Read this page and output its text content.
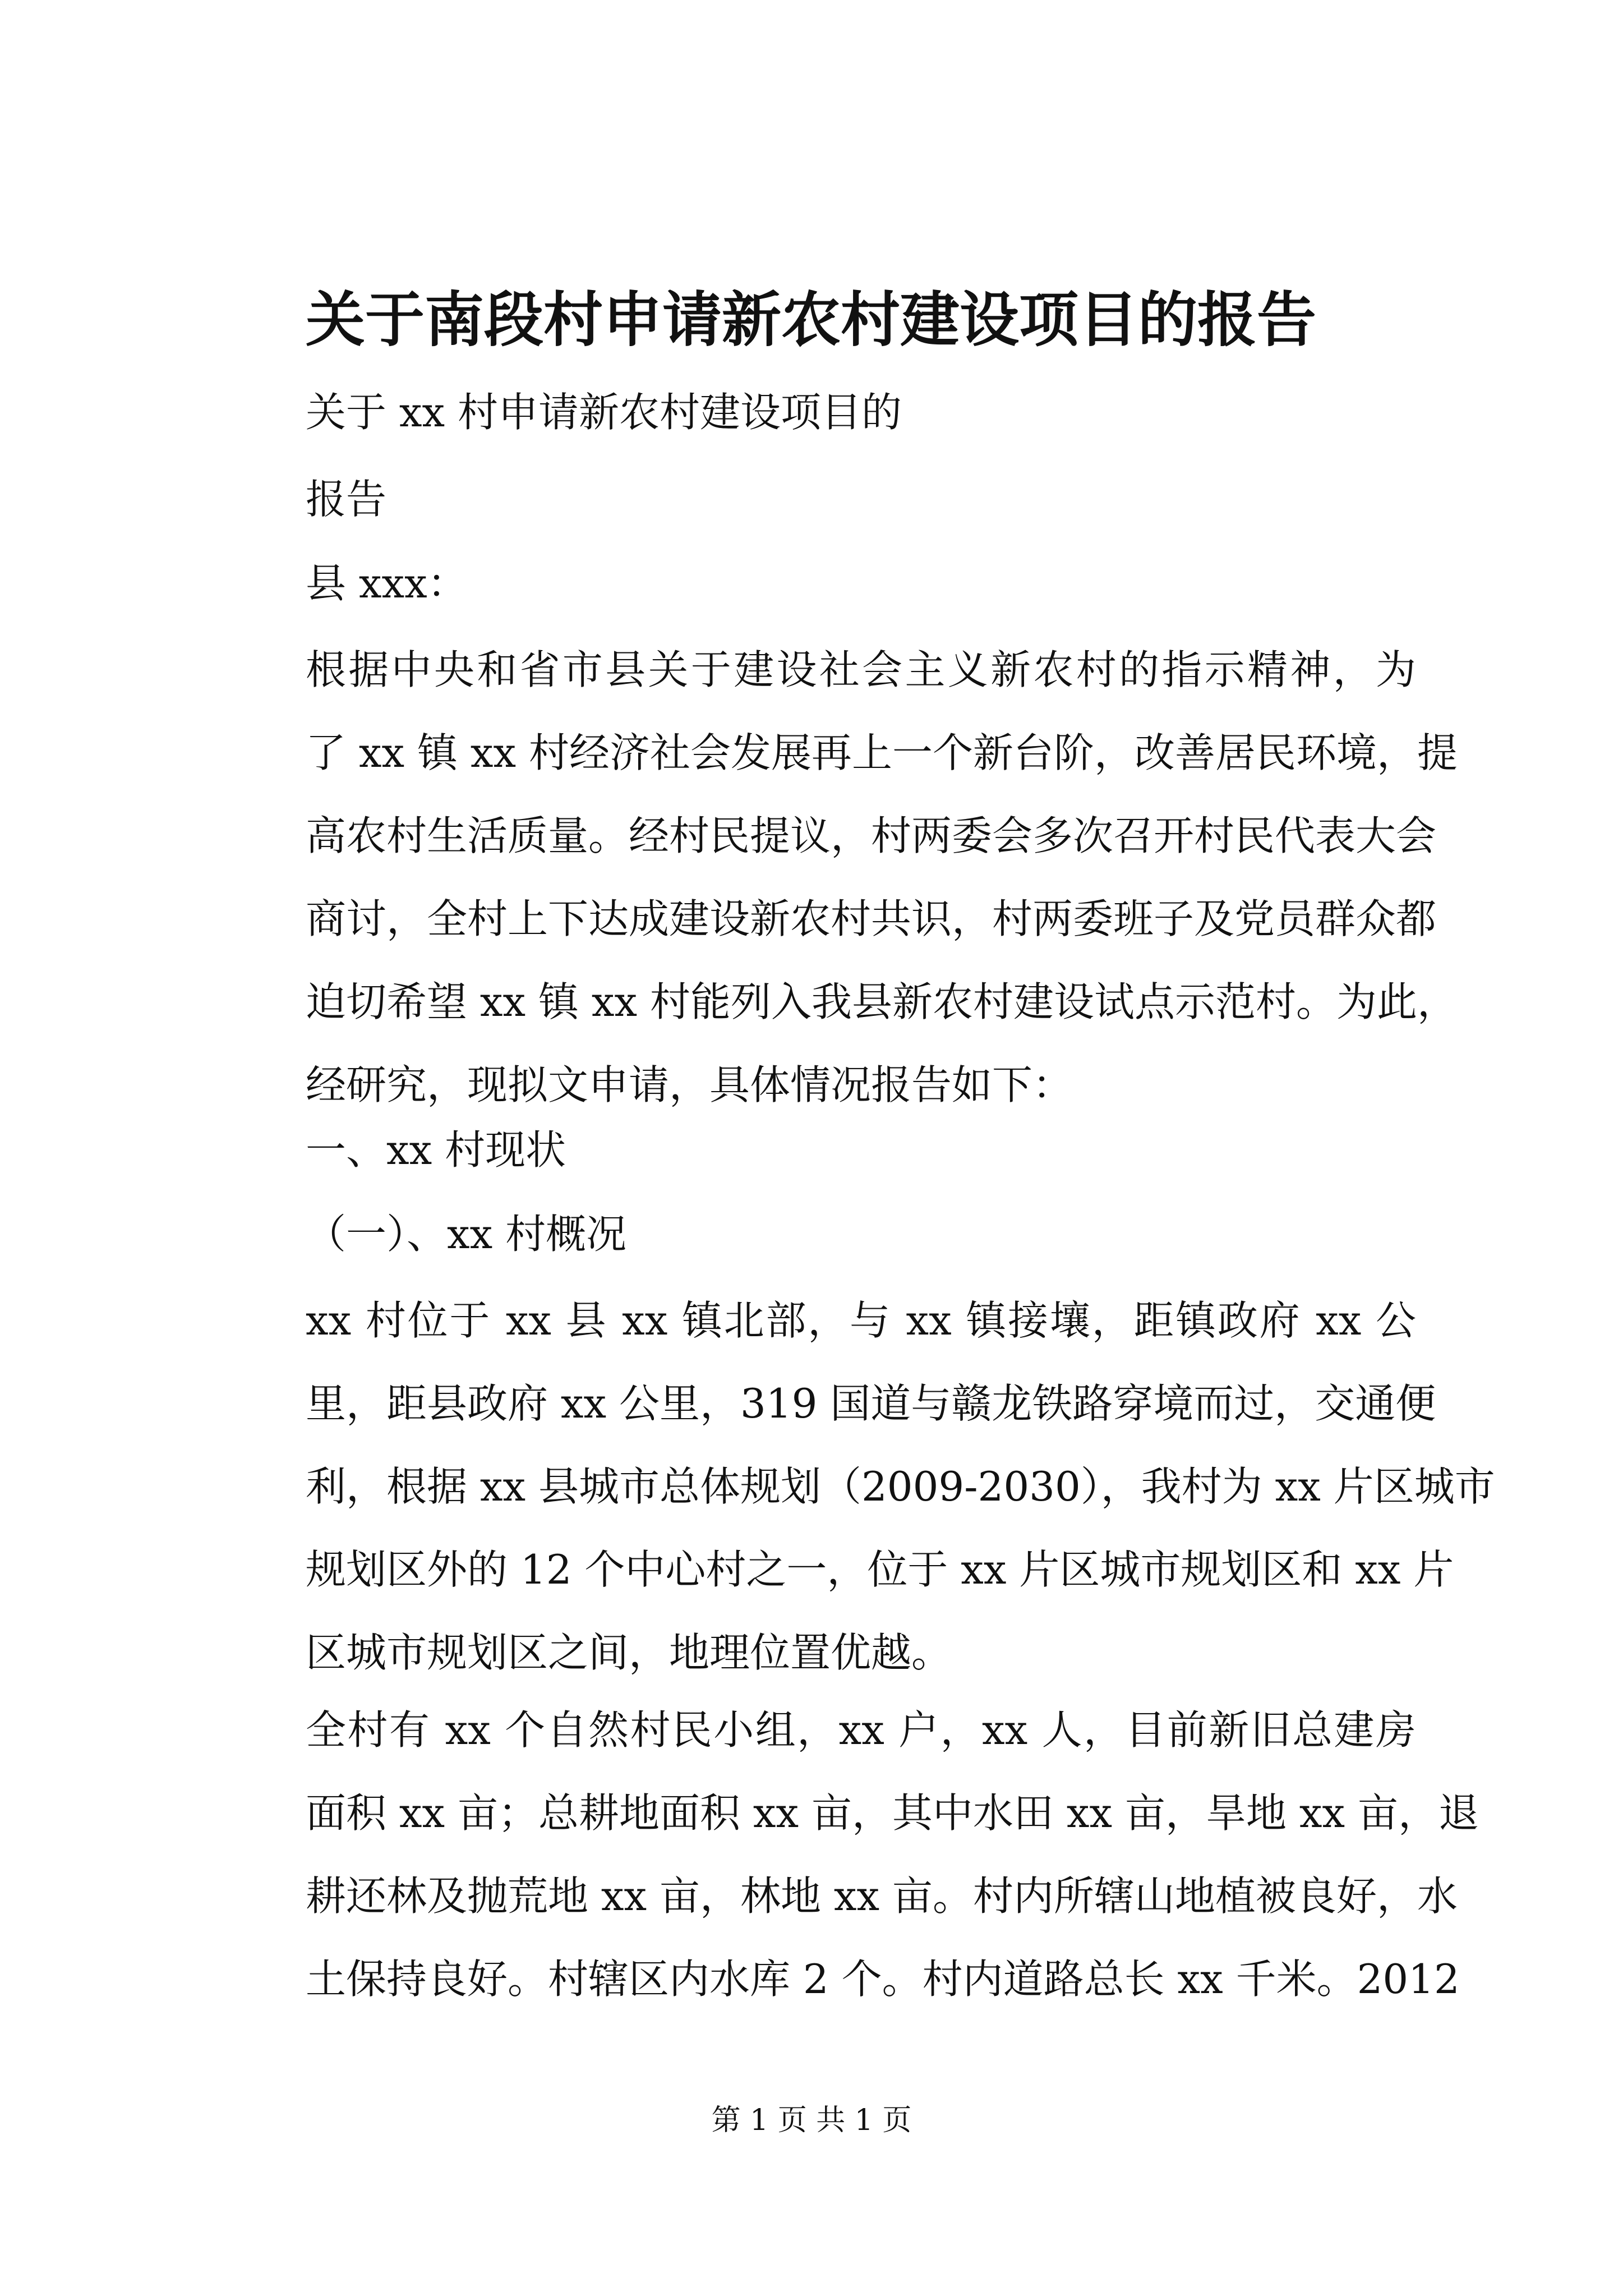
关于南段村申请新农村建设项目的报告
关于 xx 村申请新农村建设项目的
报告
县 xxx：
根据中央和省市县关于建设社会主义新农村的指示精神，为
了 xx 镇 xx 村经济社会发展再上一个新台阶，改善居民环境，提
高农村生活质量。经村民提议，村两委会多次召开村民代表大会
商讨，全村上下达成建设新农村共识，村两委班子及党员群众都
迫切希望 xx 镇 xx 村能列入我县新农村建设试点示范村。为此，
经研究，现拟文申请，具体情况报告如下：
一、xx 村现状
（一）、xx 村概况
xx 村位于 xx 县 xx 镇北部，与 xx 镇接壤，距镇政府 xx 公
里，距县政府 xx 公里，319 国道与赣龙铁路穿境而过，交通便
利，根据 xx 县城市总体规划（2009-2030），我村为 xx 片区城市
规划区外的 12 个中心村之一，位于 xx 片区城市规划区和 xx 片
区城市规划区之间，地理位置优越。
全村有 xx 个自然村民小组，xx 户，xx 人，目前新旧总建房
面积 xx 亩；总耕地面积 xx 亩，其中水田 xx 亩，旱地 xx 亩，退
耕还林及抛荒地 xx 亩，林地 xx 亩。村内所辖山地植被良好，水
土保持良好。村辖区内水库 2 个。村内道路总长 xx 千米。2012
第 1 页 共 1 页
